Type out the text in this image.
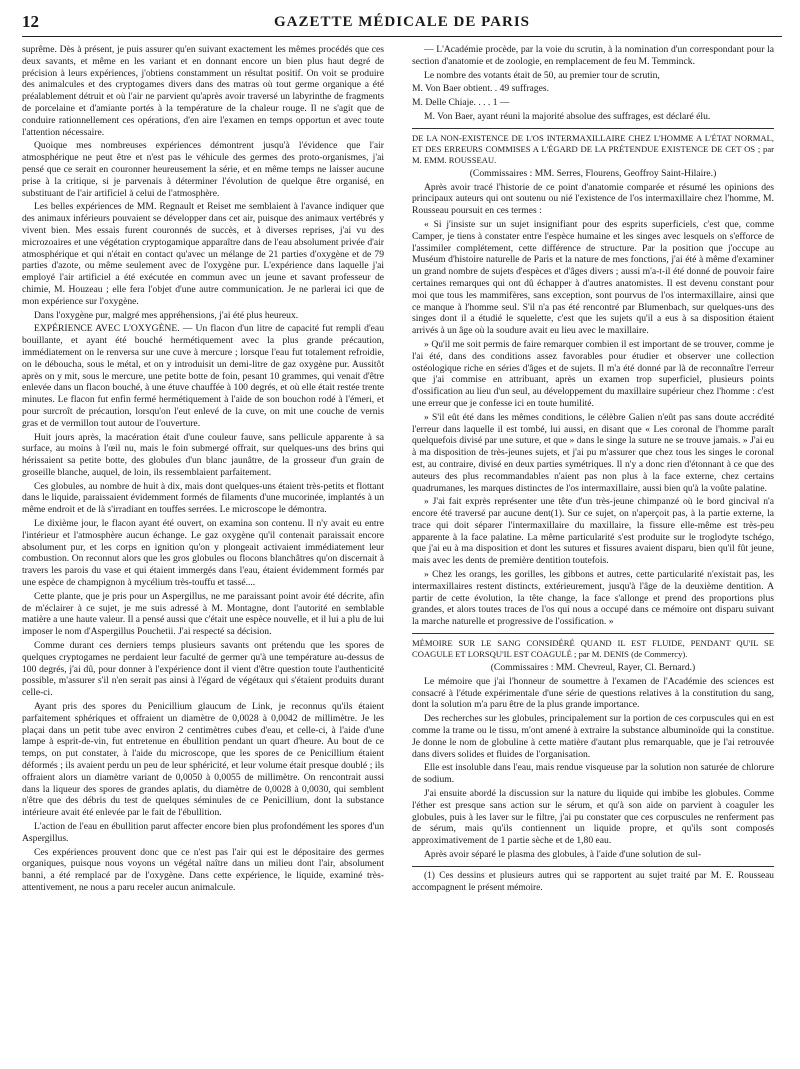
12	GAZETTE MÉDICALE DE PARIS

suprême. Dès à présent, je puis assurer qu'en suivant exactement les mêmes procédés que ces deux savants, et même en les variant et en donnant encore un bien plus haut degré de précision à leurs expériences, j'obtiens constamment un résultat positif. On voit se produire des animalcules et des cryptogames divers dans des matras où tout germe organique a été préalablement détruit et où l'air ne parvient qu'après avoir traversé un labyrinthe de fragments de porcelaine et d'amiante portés à la température de la chaleur rouge. Il ne s'agit que de conduire rationnellement ces opérations, d'en aire l'examen en temps opportun et avec toute l'attention nécessaire.

Quoique mes nombreuses expériences démontrent jusqu'à l'évidence que l'air atmosphérique ne peut être et n'est pas le véhicule des germes des proto-organismes, j'ai pensé que ce serait en couronner heureusement la série, et en même temps ne laisser aucune prise à la critique, si je parvenais à déterminer l'évolution de quelque être organisé, en substituant de l'air artificiel à celui de l'atmosphère.

Les belles expériences de MM. Regnault et Reiset me semblaient à l'avance indiquer que des animaux inférieurs pouvaient se développer dans cet air, puisque des animaux vertébrés y vivent bien. Mes essais furent couronnés de succès, et à diverses reprises, j'ai vu des microzoaires et une végétation cryptogamique apparaître dans de l'eau absolument privée d'air atmosphérique et qui n'était en contact qu'avec un mélange de 21 parties d'oxygène et de 79 parties d'azote, ou même seulement avec de l'oxygène pur. L'expérience dans laquelle j'ai employé l'air artificiel a été exécutée en commun avec un jeune et savant professeur de chimie, M. Houzeau ; elle fera l'objet d'une autre communication. Je ne parlerai ici que de mon expérience sur l'oxygène.

Dans l'oxygène pur, malgré mes appréhensions, j'ai été plus heureux.

EXPÉRIENCE AVEC L'OXYGÈNE. — Un flacon d'un litre de capacité fut rempli d'eau bouillante, et ayant été bouché hermétiquement avec la plus grande précaution, immédiatement on le renversa sur une cuve à mercure ; lorsque l'eau fut totalement refroidie, on le déboucha, sous le métal, et on y introduisit un demi-litre de gaz oxygène pur. Aussitôt après on y mit, sous le mercure, une petite botte de foin, pesant 10 grammes, qui venait d'être enlevée dans un flacon bouché, à une étuve chauffée à 100 degrés, et où elle était restée trente minutes. Le flacon fut enfin fermé hermétiquement à l'aide de son bouchon rodé à l'émeri, et pour surcroît de précaution, lorsqu'on l'eut enlevé de la cuve, on mit une couche de vernis gras et de vermillon tout autour de l'ouverture.

Huit jours après, la macération était d'une couleur fauve, sans pellicule apparente à sa surface, au moins à l'œil nu, mais le foin submergé offrait, sur quelques-uns des brins qui hérissaient sa petite botte, des globules d'un blanc jaunâtre, de la grosseur d'un grain de groseille blanche, auquel, de loin, ils ressemblaient parfaitement.

Ces globules, au nombre de huit à dix, mais dont quelques-uns étaient très-petits et flottant dans le liquide, paraissaient évidemment formés de filaments d'une mucorinée, implantés à un même endroit et de là s'irradiant en touffes serrées. Le microscope le démontra.

Le dixième jour, le flacon ayant été ouvert, on examina son contenu. Il n'y avait eu entre l'intérieur et l'atmosphère aucun échange. Le gaz oxygène qu'il contenait paraissait encore absolument pur, et les corps en ignition qu'on y plongeait activaient immédiatement leur combustion. On reconnut alors que les gros globules ou flocons blanchâtres qu'on discernait à travers les parois du vase et qui étaient immergés dans l'eau, étaient évidemment formés par une espèce de champignon à mycélium très-touffu et tassé....

Cette plante, que je pris pour un Aspergillus, ne me paraissant point avoir été décrite, afin de m'éclairer à ce sujet, je me suis adressé à M. Montagne, dont l'autorité en semblable matière a une haute valeur. Il a pensé aussi que c'était une espèce nouvelle, et il lui a plu de lui imposer le nom d'Aspergillus Pouchetii. J'ai respecté sa décision.

Comme durant ces derniers temps plusieurs savants ont prétendu que les spores de quelques cryptogames ne perdaient leur faculté de germer qu'à une température au-dessus de 100 degrés, j'ai dû, pour donner à l'expérience dont il vient d'être question toute l'authenticité possible, m'assurer s'il n'en serait pas ainsi à l'égard de végétaux qui s'étaient produits durant celle-ci.

Ayant pris des spores du Penicillium glaucum de Link, je reconnus qu'ils étaient parfaitement sphériques et offraient un diamètre de 0,0028 à 0,0042 de millimètre. Je les plaçai dans un petit tube avec environ 2 centimètres cubes d'eau, et celle-ci, à l'aide d'une lampe à esprit-de-vin, fut entretenue en ébullition pendant un quart d'heure. Au bout de ce temps, on put constater, à l'aide du microscope, que les spores de ce Penicillium étaient déformés ; ils avaient perdu un peu de leur sphéricité, et leur volume était presque doublé ; ils offraient alors un diamètre variant de 0,0050 à 0,0055 de millimètre. On rencontrait aussi dans la liqueur des spores de grandes aplatis, du diamètre de 0,0028 à 0,0030, qui semblent n'être que des débris du test de quelques séminules de ce Penicillium, dont la substance intérieure avait été enlevée par le fait de l'ébullition.

L'action de l'eau en ébullition parut affecter encore bien plus profondément les spores d'un Aspergillus.

Ces expériences prouvent donc que ce n'est pas l'air qui est le dépositaire des germes organiques, puisque nous voyons un végétal naître dans un milieu dont l'air, absolument banni, a été remplacé par de l'oxygène. Dans cette expérience, le liquide, examiné très-attentivement, ne nous a paru receler aucun animalcule.

— L'Académie procède, par la voie du scrutin, à la nomination d'un correspondant pour la section d'anatomie et de zoologie, en remplacement de feu M. Temminck.

Le nombre des votants était de 50, au premier tour de scrutin,

M. Von Baer obtient. . 49 suffrages.

M. Delle Chiaje. . . . 1 —

M. Von Baer, ayant réuni la majorité absolue des suffrages, est déclaré élu.

DE LA NON-EXISTENCE DE L'OS INTERMAXILLAIRE CHEZ L'HOMME A L'ÉTAT NORMAL, ET DES ERREURS COMMISES A L'ÉGARD DE LA PRÉTENDUE EXISTENCE DE CET OS ; par M. EMM. ROUSSEAU.

(Commissaires : MM. Serres, Flourens, Geoffroy Saint-Hilaire.)

Après avoir tracé l'historie de ce point d'anatomie comparée et résumé les opinions des principaux auteurs qui ont soutenu ou nié l'existence de l'os intermaxillaire chez l'homme, M. Rousseau poursuit en ces termes :

« Si j'insiste sur un sujet insignifiant pour des esprits superficiels, c'est que, comme Camper, je tiens à constater entre l'espèce humaine et les singes avec lesquels on s'efforce de l'assimiler complétement, cette différence de structure. Par la position que j'occupe au Muséum d'histoire naturelle de Paris et la nature de mes fonctions, j'ai été à même d'examiner un grand nombre de sujets d'espèces et d'âges divers ; aussi m'a-t-il été donné de pouvoir faire certaines remarques qui ont dû échapper à d'autres anatomistes. Il est devenu constant pour moi que tous les mammifères, sans exception, sont pourvus de l'os intermaxillaire, ainsi que ce manque à l'homme seul. S'il n'a pas été rencontré par Blumenbach, sur quelques-uns des singes dont il a étudié le squelette, c'est que les sujets qu'il a eus à sa disposition étaient arrivés à un âge où la soudure avait eu lieu avec le maxillaire.

» Qu'il me soit permis de faire remarquer combien il est important de se trouver, comme je l'ai été, dans des conditions assez favorables pour étudier et observer une collection ostéologique riche en séries d'âges et de sujets. Il m'a été donné par là de reconnaître l'erreur que j'ai commise en attribuant, après un examen trop superficiel, plusieurs points d'ossification au lieu d'un seul, au développement du maxillaire supérieur chez l'homme : c'est une erreur que je confesse ici en toute humilité.

» S'il eût été dans les mêmes conditions, le célèbre Galien n'eût pas sans doute accrédité l'erreur dans laquelle il est tombé, lui aussi, en disant que « Les coronal de l'homme paraît quelquefois divisé par une suture, et que » dans le singe la suture ne se trouve jamais. » J'ai eu à ma disposition de très-jeunes sujets, et j'ai pu m'assurer que chez tous les singes le coronal est, au contraire, divisé en deux parties symétriques. Il n'y a donc rien d'étonnant à ce que des auteurs des plus recommandables n'aient pas non plus à la face externe, chez certains quadrumanes, les marques distinctes de l'os intermaxillaire, aussi bien qu'à la voûte palatine.

» J'ai fait exprès représenter une tête d'un très-jeune chimpanzé où le bord gincival n'a encore été traversé par aucune dent(1). Sur ce sujet, on n'aperçoit pas, à la partie externe, la trace qui doit séparer l'intermaxillaire du maxillaire, la fissure elle-même est très-peu apparente à la face palatine. La même particularité s'est produite sur le troglodyte tschégo, que j'ai eu à ma disposition et dont les sutures et fissures avaient disparu, bien qu'il fût jeune, mais avec les dents de première dentition toutefois.

» Chez les orangs, les gorilles, les gibbons et autres, cette particularité n'existait pas, les intermaxillaires restent distincts, extérieurement, jusqu'à l'âge de la deuxième dentition. A partir de cette évolution, la tête change, la face s'allonge et prend des proportions plus grandes, et alors toutes traces de l'os qui nous a occupé dans ce mémoire ont disparu suivant la marche naturelle et progressive de l'ossification. »

MÉMOIRE SUR LE SANG CONSIDÉRÉ QUAND IL EST FLUIDE, PENDANT QU'IL SE COAGULE ET LORSQU'IL EST COAGULÉ ; par M. DENIS (de Commercy).

(Commissaires : MM. Chevreul, Rayer, Cl. Bernard.)

Le mémoire que j'ai l'honneur de soumettre à l'examen de l'Académie des sciences est consacré à l'étude expérimentale d'une série de questions relatives à la constitution du sang, dont la solution m'a paru être de la plus grande importance.

Des recherches sur les globules, principalement sur la portion de ces corpuscules qui en est comme la trame ou le tissu, m'ont amené à extraire la substance albuminoïde qui la constitue. Je donne le nom de globuline à cette matière d'autant plus remarquable, que je l'ai retrouvée dans divers solides et fluides de l'organisation.

Elle est insoluble dans l'eau, mais rendue visqueuse par la solution non saturée de chlorure de sodium.

J'ai ensuite abordé la discussion sur la nature du liquide qui imbibe les globules. Comme l'éther est presque sans action sur le sérum, et qu'à son aide on parvient à coaguler les globules, puis à les laver sur le filtre, j'ai pu constater que ces corpuscules ne renferment pas de sérum, mais qu'ils contiennent un liquide propre, et qu'ils sont composés approximativement de 1 partie sèche et de 1,80 eau.

Après avoir séparé le plasma des globules, à l'aide d'une solution de sul-

(1) Ces dessins et plusieurs autres qui se rapportent au sujet traité par M. E. Rousseau accompagnent le présent mémoire.
